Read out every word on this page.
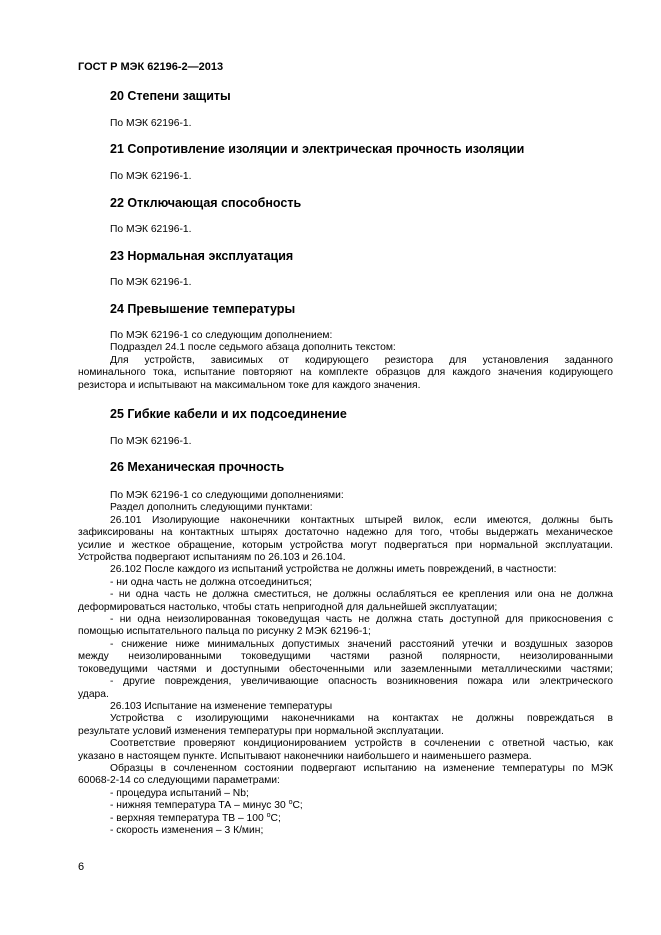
ГОСТ Р МЭК 62196-2—2013
20 Степени защиты
По МЭК 62196-1.
21 Сопротивление изоляции и электрическая прочность изоляции
По МЭК 62196-1.
22 Отключающая способность
По МЭК 62196-1.
23 Нормальная эксплуатация
По МЭК 62196-1.
24 Превышение температуры
По МЭК 62196-1 со следующим дополнением:
Подраздел 24.1 после седьмого абзаца дополнить текстом:
Для устройств, зависимых от кодирующего резистора для установления заданного
номинального тока, испытание повторяют на комплекте образцов для каждого значения кодирующего
резистора и испытывают на максимальном токе для каждого значения.
25 Гибкие кабели и их подсоединение
По МЭК 62196-1.
26 Механическая прочность
По МЭК 62196-1 со следующими дополнениями:
Раздел дополнить следующими пунктами:
26.101 Изолирующие наконечники контактных штырей вилок, если имеются, должны быть
зафиксированы на контактных штырях достаточно надежно для того, чтобы выдержать механическое
усилие и жесткое обращение, которым устройства могут подвергаться при нормальной эксплуатации.
Устройства подвергают испытаниям по 26.103 и 26.104.
26.102 После каждого из испытаний устройства не должны иметь повреждений, в частности:
- ни одна часть не должна отсоединиться;
- ни одна часть не должна сместиться, не должны ослабляться ее крепления или она не должна
деформироваться настолько, чтобы стать непригодной для дальнейшей эксплуатации;
- ни одна неизолированная токоведущая часть не должна стать доступной для прикосновения с
помощью испытательного пальца по рисунку 2 МЭК 62196-1;
- снижение ниже минимальных допустимых значений расстояний утечки и воздушных зазоров
между неизолированными токоведущими частями разной полярности, неизолированными
токоведущими частями и доступными обесточенными или заземленными металлическими частями;
- другие повреждения, увеличивающие опасность возникновения пожара или электрического
удара.
26.103 Испытание на изменение температуры
Устройства с изолирующими наконечниками на контактах не должны повреждаться в
результате условий изменения температуры при нормальной эксплуатации.
Соответствие проверяют кондиционированием устройств в сочленении с ответной частью, как
указано в настоящем пункте. Испытывают наконечники наибольшего и наименьшего размера.
Образцы в сочлененном состоянии подвергают испытанию на изменение температуры по МЭК
60068-2-14 со следующими параметрами:
- процедура испытаний – Nb;
- нижняя температура ТА – минус 30 $^o$С;
- верхняя температура ТВ – 100 $^o$С;
- скорость изменения – 3 К/мин;
6
